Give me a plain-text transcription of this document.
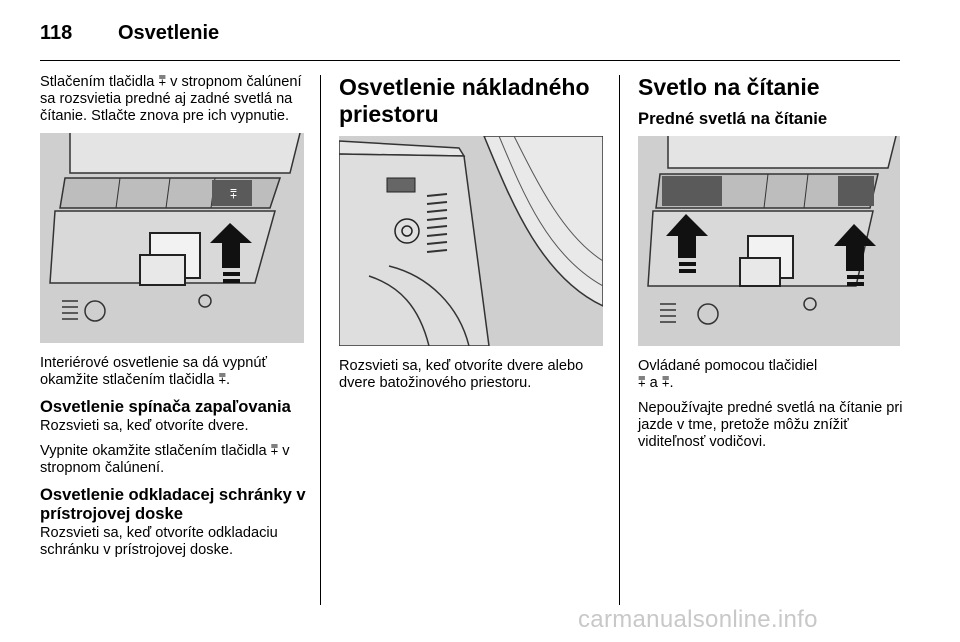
118 Osvetlenie

Stlačením tlačidla ⩱ v stropnom čalúnení sa rozsvietia predné aj zadné svetlá na čítanie. Stlačte znova pre ich vypnutie.

⩱

Interiérové osvetlenie sa dá vypnúť okamžite stlačením tlačidla ⩱.

Osvetlenie spínača zapaľovania

Rozsvieti sa, keď otvoríte dvere.

Vypnite okamžite stlačením tlačidla ⩱ v stropnom čalúnení.

Osvetlenie odkladacej schránky v prístrojovej doske

Rozsvieti sa, keď otvoríte odkladaciu schránku v prístrojovej doske.

Osvetlenie nákladného priestoru

Rozsvieti sa, keď otvoríte dvere alebo dvere batožinového priestoru.

Svetlo na čítanie
Predné svetlá na čítanie

Ovládané pomocou tlačidiel
⩱ a ⩱.

Nepoužívajte predné svetlá na čítanie pri jazde v tme, pretože môžu znížiť viditeľnosť vodičovi.

carmanualsonline.info
